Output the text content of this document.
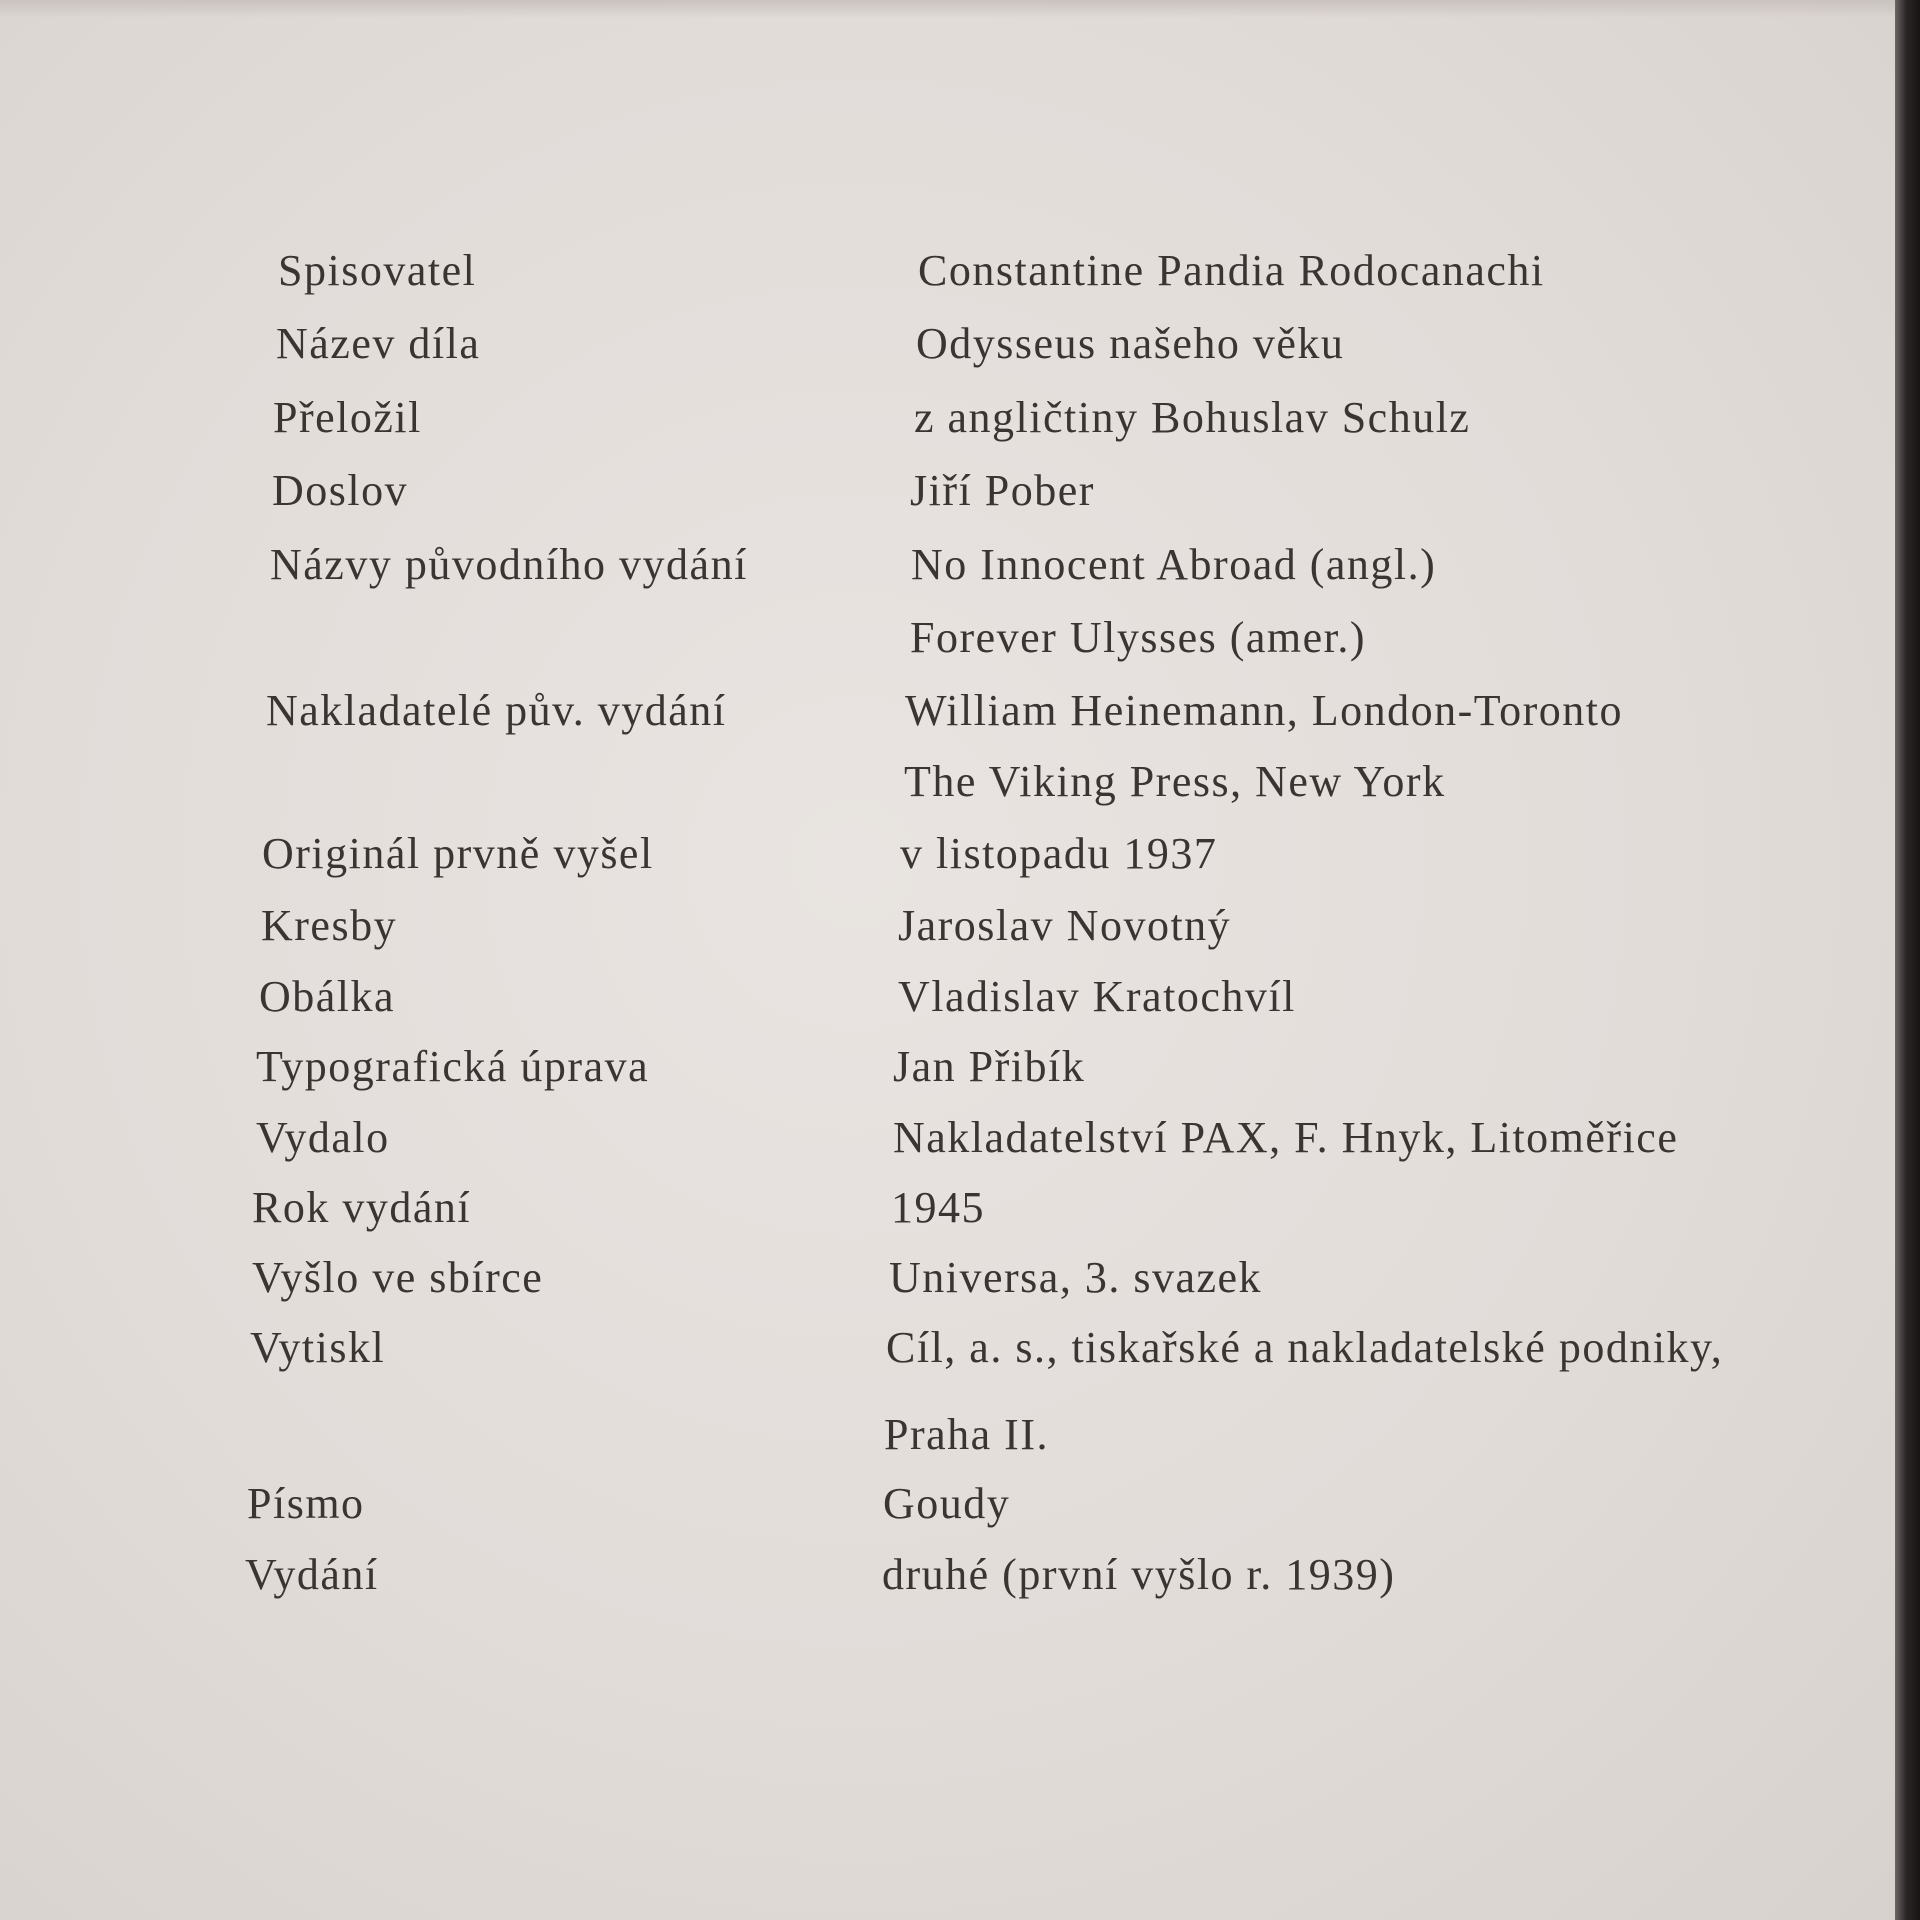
Spisovatel	Constantine Pandia Rodocanachi
Název díla	Odysseus našeho věku
Přeložil	z angličtiny Bohuslav Schulz
Doslov	Jiří Pober
Názvy původního vydání	No Innocent Abroad (angl.)
Forever Ulysses (amer.)
Nakladatelé pův. vydání	William Heinemann, London-Toronto
The Viking Press, New York
Originál prvně vyšel	v listopadu 1937
Kresby	Jaroslav Novotný
Obálka	Vladislav Kratochvíl
Typografická úprava	Jan Přibík
Vydalo	Nakladatelství PAX, F. Hnyk, Litoměřice
Rok vydání	1945
Vyšlo ve sbírce	Universa, 3. svazek
Vytiskl	Cíl, a. s., tiskařské a nakladatelské podniky,
Praha II.
Písmo	Goudy
Vydání	druhé (první vyšlo r. 1939)
